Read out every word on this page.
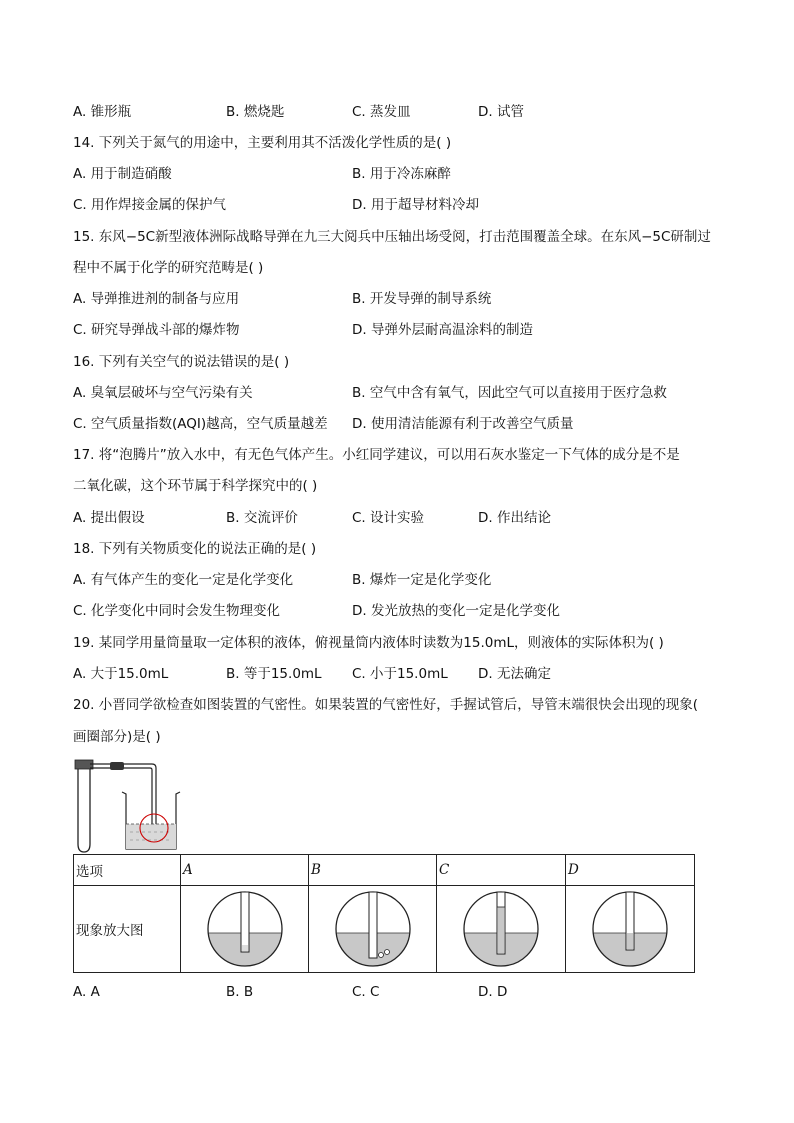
A. 锥形瓶	B. 燃烧匙	C. 蒸发皿	D. 试管
14. 下列关于氮气的用途中，主要利用其不活泼化学性质的是( )
A. 用于制造硝酸	B. 用于冷冻麻醉
C. 用作焊接金属的保护气	D. 用于超导材料冷却
15. 东风−5C新型液体洲际战略导弹在九三大阅兵中压轴出场受阅，打击范围覆盖全球。在东风−5C研制过
程中不属于化学的研究范畴是( )
A. 导弹推进剂的制备与应用	B. 开发导弹的制导系统
C. 研究导弹战斗部的爆炸物	D. 导弹外层耐高温涂料的制造
16. 下列有关空气的说法错误的是( )
A. 臭氧层破坏与空气污染有关	B. 空气中含有氧气，因此空气可以直接用于医疗急救
C. 空气质量指数(AQI)越高，空气质量越差 D. 使用清洁能源有利于改善空气质量
17. 将“泡腾片”放入水中，有无色气体产生。小红同学建议，可以用石灰水鉴定一下气体的成分是不是
二氧化碳，这个环节属于科学探究中的( )
A. 提出假设	B. 交流评价	C. 设计实验	D. 作出结论
18. 下列有关物质变化的说法正确的是( )
A. 有气体产生的变化一定是化学变化	B. 爆炸一定是化学变化
C. 化学变化中同时会发生物理变化	D. 发光放热的变化一定是化学变化
19. 某同学用量筒量取一定体积的液体，俯视量筒内液体时读数为15.0mL，则液体的实际体积为( )
A. 大于15.0mL	B. 等于15.0mL C. 小于15.0mL D. 无法确定
20. 小晋同学欲检查如图装置的气密性。如果装置的气密性好，手握试管后，导管末端很快会出现的现象(
画圈部分)是( )
选项	A	B	C	D
现象放大图	

A. A	B. B	C. C	D. D
